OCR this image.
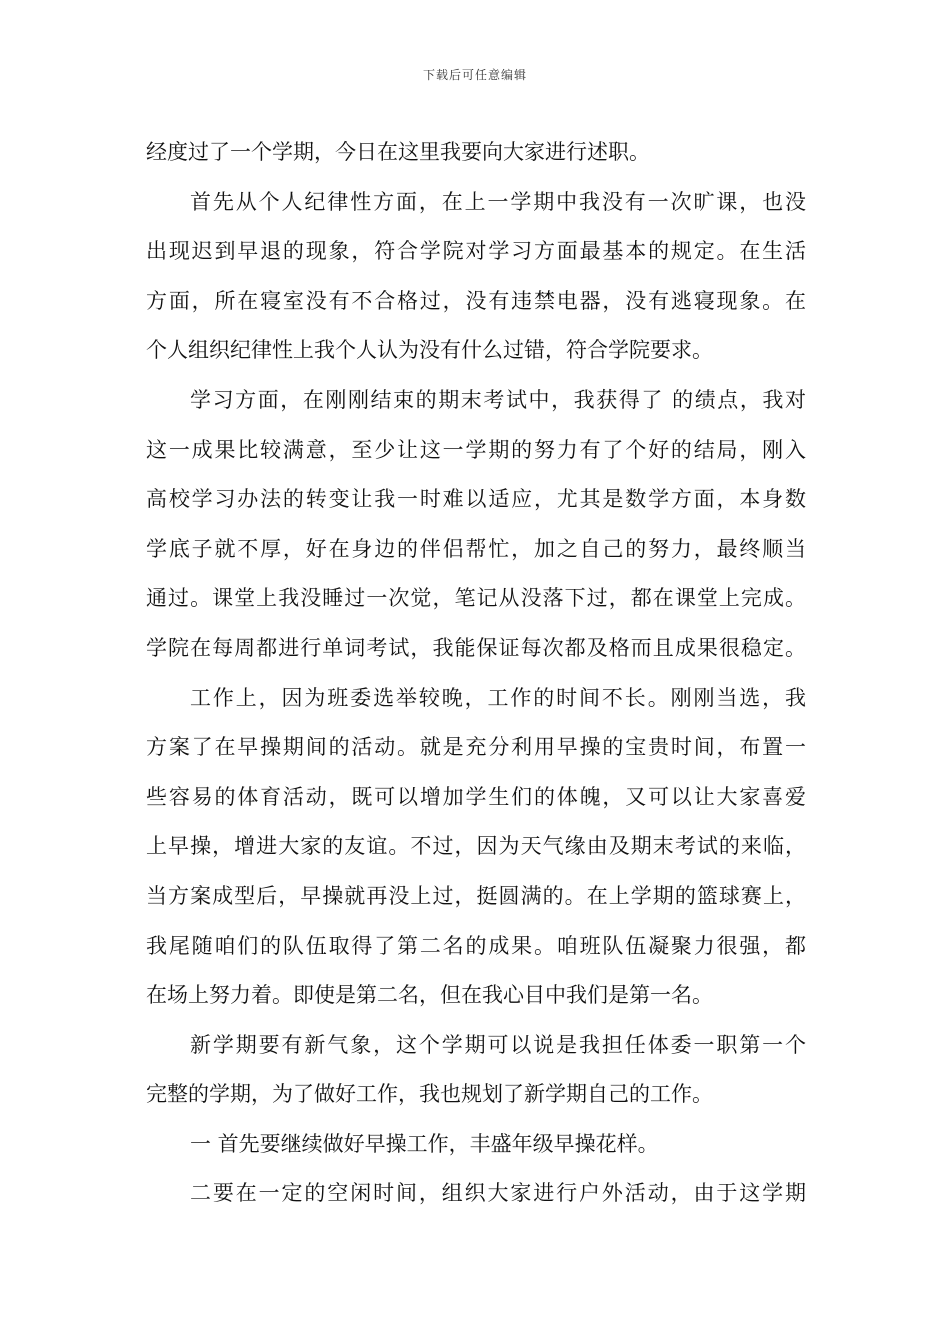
下载后可任意编辑
经度过了一个学期，今日在这里我要向大家进行述职。
首先从个人纪律性方面，在上一学期中我没有一次旷课，也没
出现迟到早退的现象，符合学院对学习方面最基本的规定。在生活
方面，所在寝室没有不合格过，没有违禁电器，没有逃寝现象。在
个人组织纪律性上我个人认为没有什么过错，符合学院要求。
学习方面，在刚刚结束的期末考试中，我获得了 的绩点，我对
这一成果比较满意，至少让这一学期的努力有了个好的结局，刚入
高校学习办法的转变让我一时难以适应，尤其是数学方面，本身数
学底子就不厚，好在身边的伴侣帮忙，加之自己的努力，最终顺当
通过。课堂上我没睡过一次觉，笔记从没落下过，都在课堂上完成。
学院在每周都进行单词考试，我能保证每次都及格而且成果很稳定。
工作上，因为班委选举较晚，工作的时间不长。刚刚当选，我
方案了在早操期间的活动。就是充分利用早操的宝贵时间，布置一
些容易的体育活动，既可以增加学生们的体魄，又可以让大家喜爱
上早操，增进大家的友谊。不过，因为天气缘由及期末考试的来临，
当方案成型后，早操就再没上过，挺圆满的。在上学期的篮球赛上，
我尾随咱们的队伍取得了第二名的成果。咱班队伍凝聚力很强，都
在场上努力着。即使是第二名，但在我心目中我们是第一名。
新学期要有新气象，这个学期可以说是我担任体委一职第一个
完整的学期，为了做好工作，我也规划了新学期自己的工作。
一 首先要继续做好早操工作，丰盛年级早操花样。
二要在一定的空闲时间，组织大家进行户外活动，由于这学期
